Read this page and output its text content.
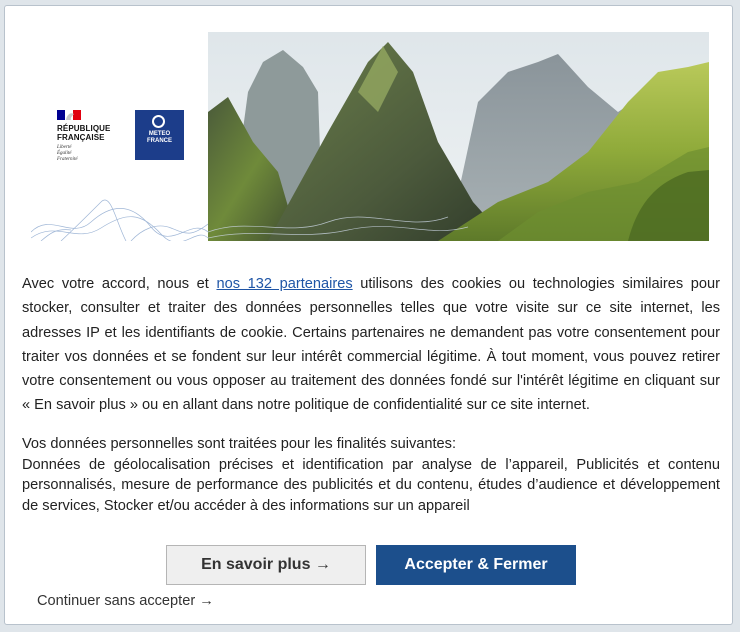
RÉPUBLIQUE
FRANÇAISE
Liberté
Égalité
Fraternité
METEO
FRANCE
Avec votre accord, nous et nos 132 partenaires utilisons des cookies ou technologies similaires pour stocker, consulter et traiter des données personnelles telles que votre visite sur ce site internet, les adresses IP et les identifiants de cookie. Certains partenaires ne demandent pas votre consentement pour traiter vos données et se fondent sur leur intérêt commercial légitime. À tout moment, vous pouvez retirer votre consentement ou vous opposer au traitement des données fondé sur l'intérêt légitime en cliquant sur « En savoir plus » ou en allant dans notre politique de confidentialité sur ce site internet.
Vos données personnelles sont traitées pour les finalités suivantes:
Données de géolocalisation précises et identification par analyse de l’appareil, Publicités et contenu personnalisés, mesure de performance des publicités et du contenu, études d’audience et développement de services, Stocker et/ou accéder à des informations sur un appareil
En savoir plus →	Accepter & Fermer
Continuer sans accepter →
